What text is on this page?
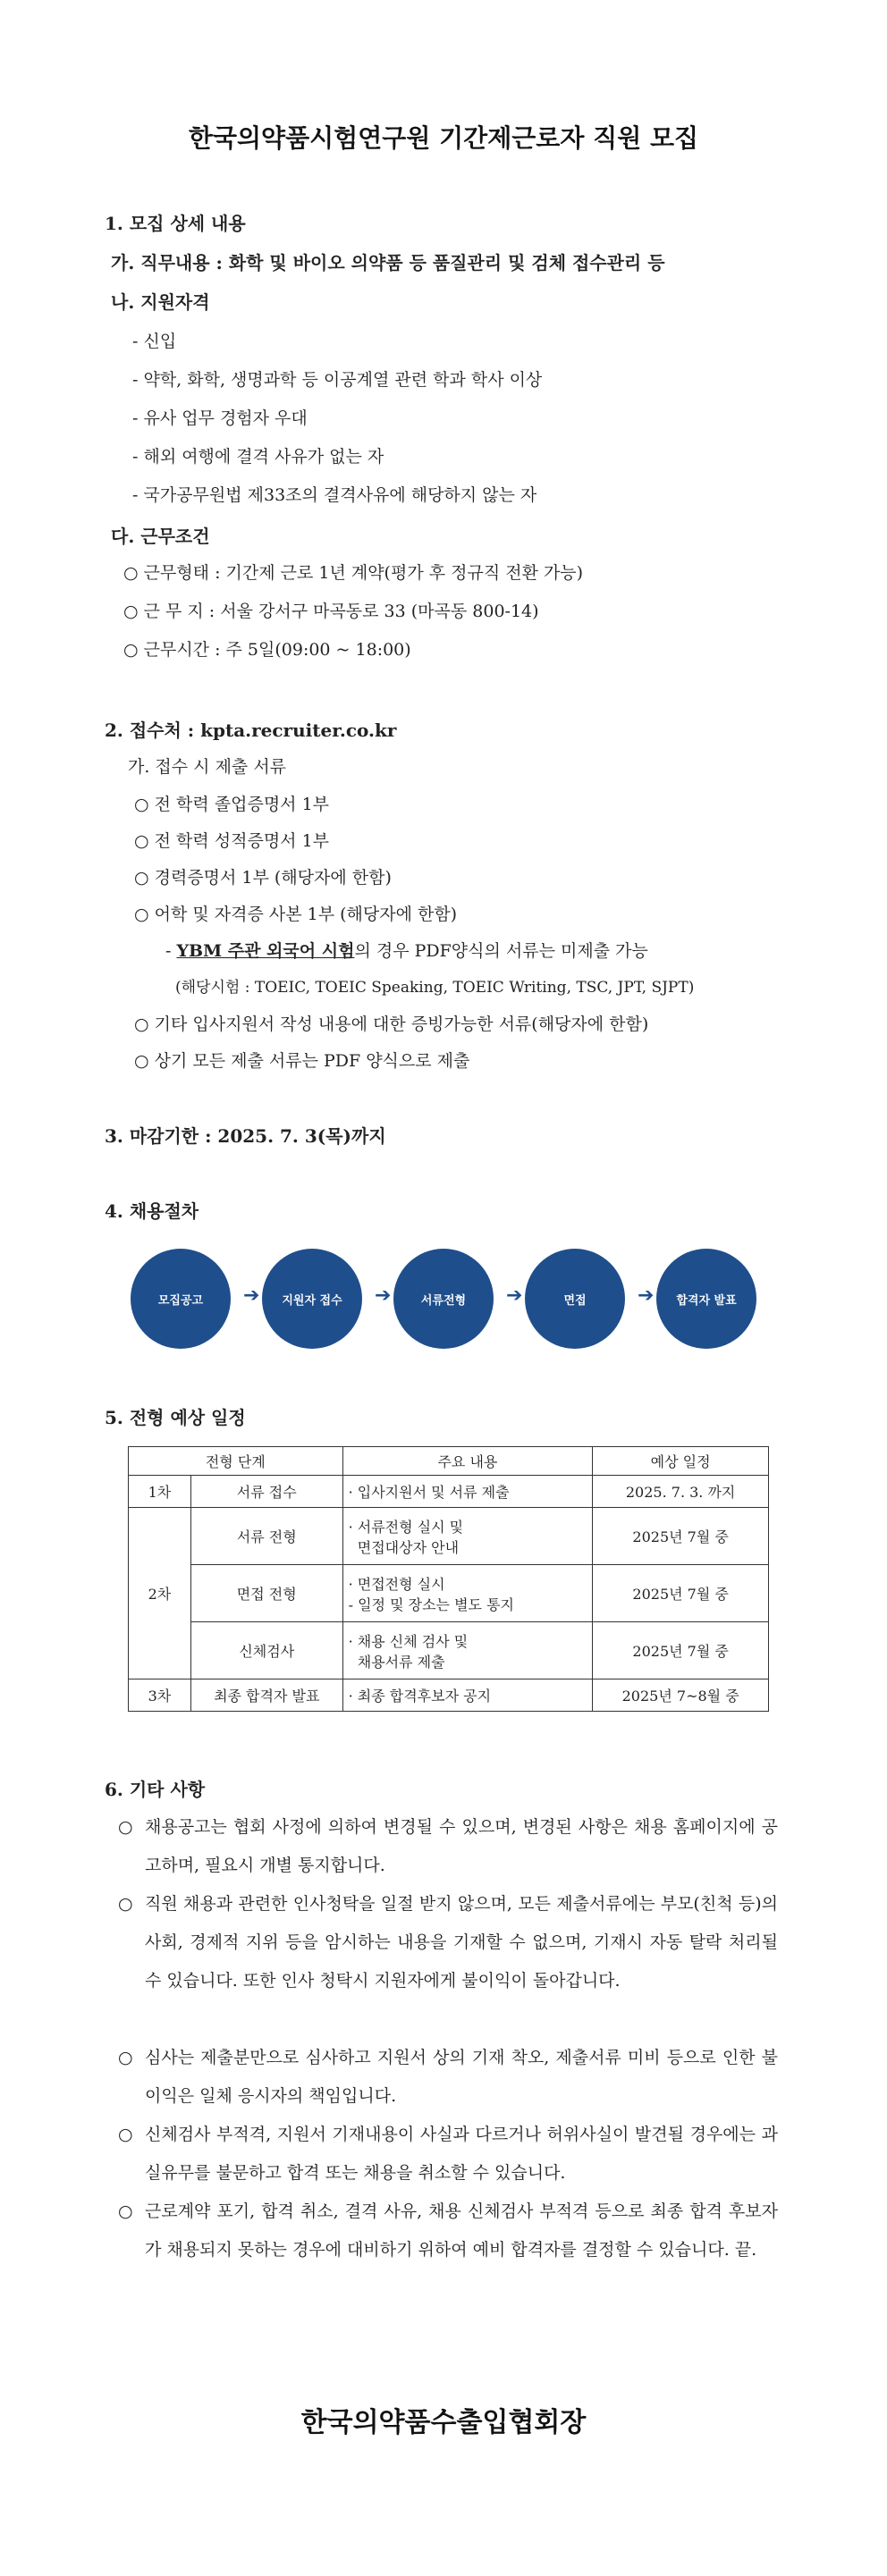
한국의약품시험연구원 기간제근로자 직원 모집
1. 모집 상세 내용
가. 직무내용 : 화학 및 바이오 의약품 등 품질관리 및 검체 접수관리 등
나. 지원자격
- 신입
- 약학, 화학, 생명과학 등 이공계열 관련 학과 학사 이상
- 유사 업무 경험자 우대
- 해외 여행에 결격 사유가 없는 자
- 국가공무원법 제33조의 결격사유에 해당하지 않는 자
다. 근무조건
○ 근무형태 : 기간제 근로 1년 계약(평가 후 정규직 전환 가능)
○ 근 무 지 : 서울 강서구 마곡동로 33 (마곡동 800-14)
○ 근무시간 : 주 5일(09:00 ~ 18:00)
2. 접수처 : kpta.recruiter.co.kr
가. 접수 시 제출 서류
○ 전 학력 졸업증명서 1부
○ 전 학력 성적증명서 1부
○ 경력증명서 1부 (해당자에 한함)
○ 어학 및 자격증 사본 1부 (해당자에 한함)
- YBM 주관 외국어 시험의 경우 PDF양식의 서류는 미제출 가능
(해당시험 : TOEIC, TOEIC Speaking, TOEIC Writing, TSC, JPT, SJPT)
○ 기타 입사지원서 작성 내용에 대한 증빙가능한 서류(해당자에 한함)
○ 상기 모든 제출 서류는 PDF 양식으로 제출
3. 마감기한 : 2025. 7. 3(목)까지
4. 채용절차
모집공고	➔	지원자 접수	➔	서류전형	➔	면접	➔	합격자 발표
5. 전형 예상 일정
전형 단계		주요 내용	예상 일정
1차	서류 접수	· 입사지원서 및 서류 제출	2025. 7. 3. 까지
2차	서류 전형	· 서류전형 실시 및
면접대상자 안내	2025년 7월 중
	면접 전형	· 면접전형 실시
- 일정 및 장소는 별도 통지	2025년 7월 중
	신체검사	· 채용 신체 검사 및
채용서류 제출	2025년 7월 중
3차	최종 합격자 발표	· 최종 합격후보자 공지	2025년 7~8월 중
6. 기타 사항
○ 채용공고는 협회 사정에 의하여 변경될 수 있으며, 변경된 사항은 채용 홈페이지에 공고하며, 필요시 개별 통지합니다.
○ 직원 채용과 관련한 인사청탁을 일절 받지 않으며, 모든 제출서류에는 부모(친척 등)의 사회, 경제적 지위 등을 암시하는 내용을 기재할 수 없으며, 기재시 자동 탈락 처리될 수 있습니다. 또한 인사 청탁시 지원자에게 불이익이 돌아갑니다.
○ 심사는 제출분만으로 심사하고 지원서 상의 기재 착오, 제출서류 미비 등으로 인한 불이익은 일체 응시자의 책임입니다.
○ 신체검사 부적격, 지원서 기재내용이 사실과 다르거나 허위사실이 발견될 경우에는 과실유무를 불문하고 합격 또는 채용을 취소할 수 있습니다.
○ 근로계약 포기, 합격 취소, 결격 사유, 채용 신체검사 부적격 등으로 최종 합격 후보자가 채용되지 못하는 경우에 대비하기 위하여 예비 합격자를 결정할 수 있습니다. 끝.
한국의약품수출입협회장
